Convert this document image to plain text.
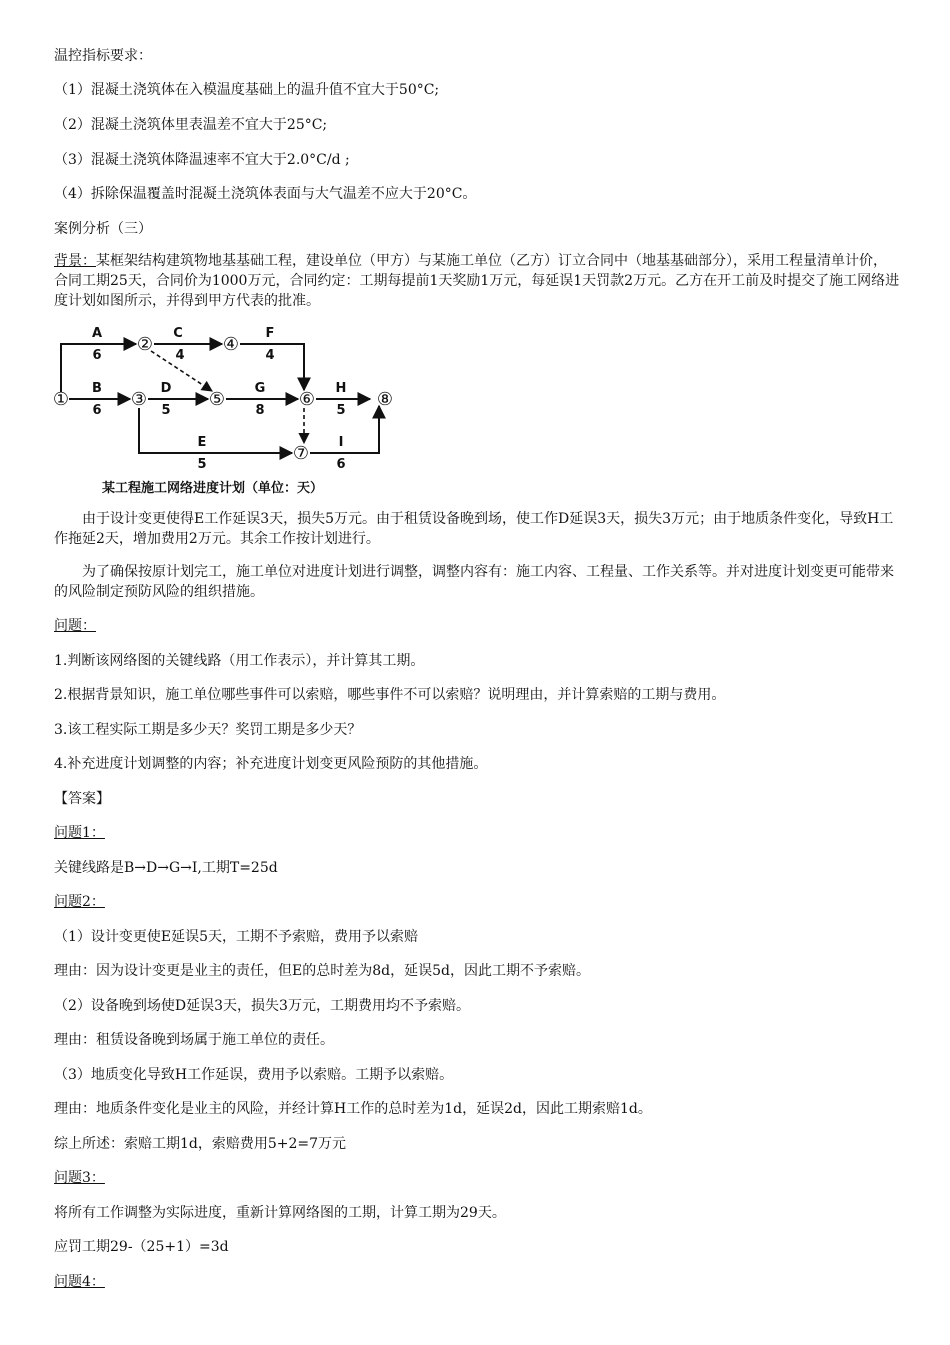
温控指标要求：
（1）混凝土浇筑体在入模温度基础上的温升值不宜大于50°C;
（2）混凝土浇筑体里表温差不宜大于25°C;
（3）混凝土浇筑体降温速率不宜大于2.0°C/d ;
（4）拆除保温覆盖时混凝土浇筑体表面与大气温差不应大于20°C。
案例分析（三）
背景：某框架结构建筑物地基基础工程，建设单位（甲方）与某施工单位（乙方）订立合同中（地基基础部分），采用工程量清单计价，合同工期25天，合同价为1000万元，合同约定：工期每提前1天奖励1万元，每延误1天罚款2万元。乙方在开工前及时提交了施工网络进度计划如图所示，并得到甲方代表的批准。
①
②
③
④
⑤	⑥
⑦
⑧
A
6
C
4
F
4
B
6
D
5
G
8
H
5
E
5
I
6
某工程施工网络进度计划（单位：天）
由于设计变更使得E工作延误3天，损失5万元。由于租赁设备晚到场，使工作D延误3天，损失3万元；由于地质条件变化，导致H工作拖延2天，增加费用2万元。其余工作按计划进行。
为了确保按原计划完工，施工单位对进度计划进行调整，调整内容有：施工内容、工程量、工作关系等。并对进度计划变更可能带来的风险制定预防风险的组织措施。
问题：
1.判断该网络图的关键线路（用工作表示），并计算其工期。
2.根据背景知识，施工单位哪些事件可以索赔，哪些事件不可以索赔？说明理由，并计算索赔的工期与费用。
3.该工程实际工期是多少天？奖罚工期是多少天？
4.补充进度计划调整的内容；补充进度计划变更风险预防的其他措施。
【答案】
问题1：
关键线路是B→D→G→I,工期T=25d
问题2：
（1）设计变更使E延误5天，工期不予索赔，费用予以索赔
理由：因为设计变更是业主的责任，但E的总时差为8d，延误5d，因此工期不予索赔。
（2）设备晚到场使D延误3天，损失3万元，工期费用均不予索赔。
理由：租赁设备晚到场属于施工单位的责任。
（3）地质变化导致H工作延误，费用予以索赔。工期予以索赔。
理由：地质条件变化是业主的风险，并经计算H工作的总时差为1d，延误2d，因此工期索赔1d。
综上所述：索赔工期1d，索赔费用5+2=7万元
问题3：
将所有工作调整为实际进度，重新计算网络图的工期，计算工期为29天。
应罚工期29-（25+1）=3d
问题4：
